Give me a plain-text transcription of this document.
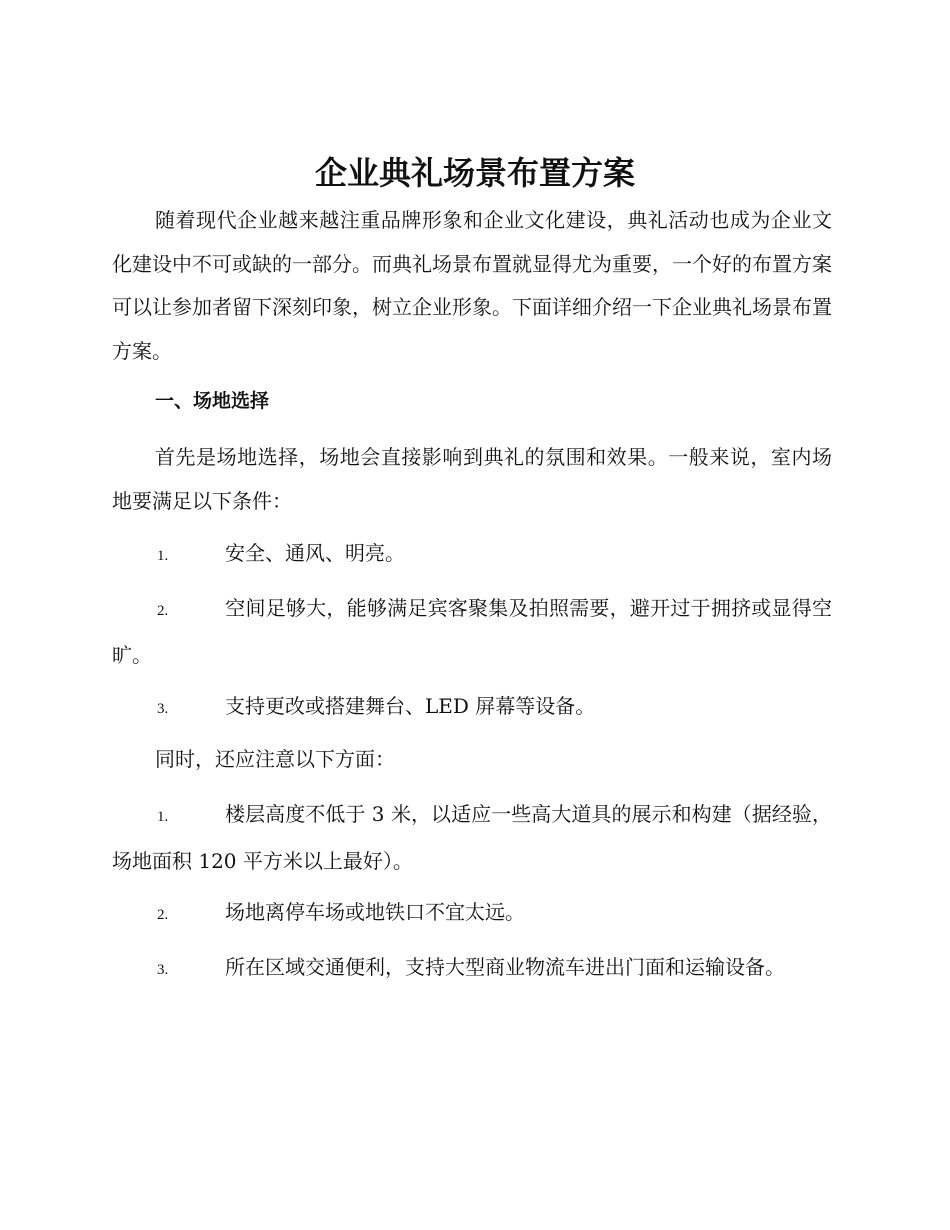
企业典礼场景布置方案

随着现代企业越来越注重品牌形象和企业文化建设，典礼活动也成为企业文化建设中不可或缺的一部分。而典礼场景布置就显得尤为重要，一个好的布置方案可以让参加者留下深刻印象，树立企业形象。下面详细介绍一下企业典礼场景布置方案。

一、场地选择

首先是场地选择，场地会直接影响到典礼的氛围和效果。一般来说，室内场地要满足以下条件：

1.	安全、通风、明亮。

2.	空间足够大，能够满足宾客聚集及拍照需要，避开过于拥挤或显得空旷。

3.	支持更改或搭建舞台、LED 屏幕等设备。

同时，还应注意以下方面：

1.	楼层高度不低于 3 米，以适应一些高大道具的展示和构建（据经验，场地面积 120 平方米以上最好）。

2.	场地离停车场或地铁口不宜太远。

3.	所在区域交通便利，支持大型商业物流车进出门面和运输设备。
